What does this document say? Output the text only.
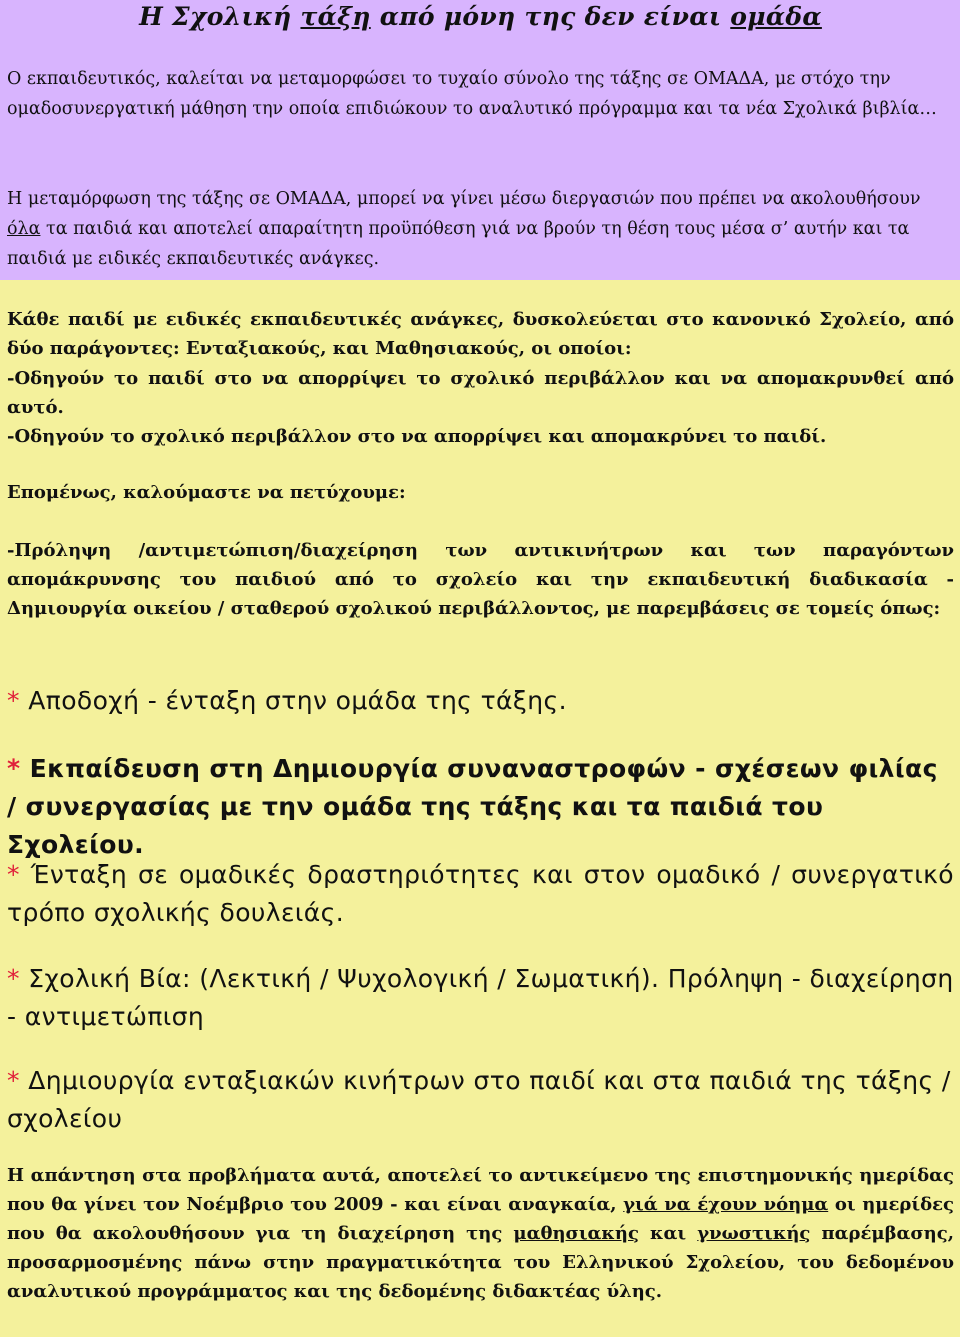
Η Σχολική τάξη από μόνη της δεν είναι ομάδα
Ο εκπαιδευτικός, καλείται να μεταμορφώσει το τυχαίο σύνολο της τάξης σε ΟΜΑΔΑ, με στόχο την ομαδοσυνεργατική μάθηση την οποία επιδιώκουν το αναλυτικό πρόγραμμα και τα νέα Σχολικά βιβλία…
Η μεταμόρφωση της τάξης σε ΟΜΑΔΑ, μπορεί να γίνει μέσω διεργασιών που πρέπει να ακολουθήσουν όλα τα παιδιά και αποτελεί απαραίτητη προϋπόθεση γιά να βρούν τη θέση τους μέσα σ’ αυτήν και τα παιδιά με ειδικές εκπαιδευτικές ανάγκες.
Κάθε παιδί με ειδικές εκπαιδευτικές ανάγκες, δυσκολεύεται στο κανονικό Σχολείο, από δύο παράγοντες: Ενταξιακούς, και Μαθησιακούς, οι οποίοι:
-Οδηγούν το παιδί στο να απορρίψει το σχολικό περιβάλλον και να απομακρυνθεί από αυτό.
-Οδηγούν το σχολικό περιβάλλον στο να απορρίψει και απομακρύνει το παιδί.
Επομένως, καλούμαστε να πετύχουμε:
-Πρόληψη /αντιμετώπιση/διαχείρηση των αντικινήτρων και των παραγόντων απομάκρυνσης του παιδιού από το σχολείο και την εκπαιδευτική διαδικασία - Δημιουργία οικείου / σταθερού σχολικού περιβάλλοντος, με παρεμβάσεις σε τομείς όπως:
* Αποδοχή - ένταξη στην ομάδα της τάξης.
* Εκπαίδευση στη Δημιουργία συναναστροφών - σχέσεων φιλίας / συνεργασίας με την ομάδα της τάξης και τα παιδιά του Σχολείου.
* Ένταξη σε ομαδικές δραστηριότητες και στον ομαδικό / συνεργατικό τρόπο σχολικής δουλειάς.
* Σχολική Βία: (Λεκτική / Ψυχολογική / Σωματική). Πρόληψη - διαχείρηση - αντιμετώπιση
* Δημιουργία ενταξιακών κινήτρων στο παιδί και στα παιδιά της τάξης / σχολείου
Η απάντηση στα προβλήματα αυτά, αποτελεί το αντικείμενο της επιστημονικής ημερίδας που θα γίνει τον Νοέμβριο του 2009 - και είναι αναγκαία, γιά να έχουν νόημα οι ημερίδες που θα ακολουθήσουν για τη διαχείρηση της μαθησιακής και γνωστικής παρέμβασης, προσαρμοσμένης πάνω στην πραγματικότητα του Ελληνικού Σχολείου, του δεδομένου αναλυτικού προγράμματος και της δεδομένης διδακτέας ύλης.
